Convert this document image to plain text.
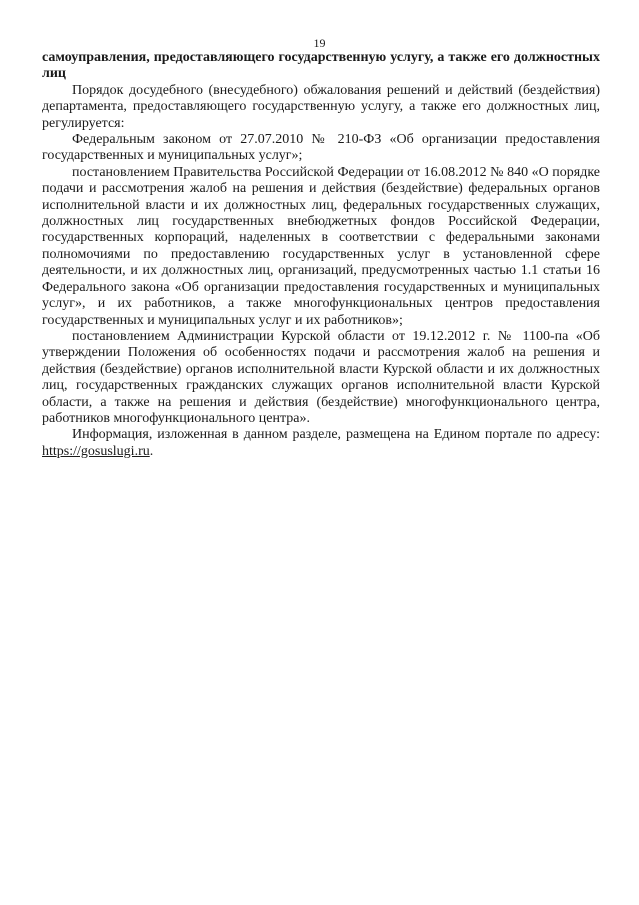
19

самоуправления, предоставляющего государственную услугу, а также его должностных лиц

Порядок досудебного (внесудебного) обжалования решений и действий (бездействия) департамента, предоставляющего государственную услугу, а также его должностных лиц, регулируется:

Федеральным законом от 27.07.2010 № 210-ФЗ «Об организации предоставления государственных и муниципальных услуг»;

постановлением Правительства Российской Федерации от 16.08.2012 № 840 «О порядке подачи и рассмотрения жалоб на решения и действия (бездействие) федеральных органов исполнительной власти и их должностных лиц, федеральных государственных служащих, должностных лиц государственных внебюджетных фондов Российской Федерации, государственных корпораций, наделенных в соответствии с федеральными законами полномочиями по предоставлению государственных услуг в установленной сфере деятельности, и их должностных лиц, организаций, предусмотренных частью 1.1 статьи 16 Федерального закона «Об организации предоставления государственных и муниципальных услуг», и их работников, а также многофункциональных центров предоставления государственных и муниципальных услуг и их работников»;

постановлением Администрации Курской области от 19.12.2012 г. № 1100-па «Об утверждении Положения об особенностях подачи и рассмотрения жалоб на решения и действия (бездействие) органов исполнительной власти Курской области и их должностных лиц, государственных гражданских служащих органов исполнительной власти Курской области, а также на решения и действия (бездействие) многофункционального центра, работников многофункционального центра».

Информация, изложенная в данном разделе, размещена на Едином портале по адресу: https://gosuslugi.ru.
